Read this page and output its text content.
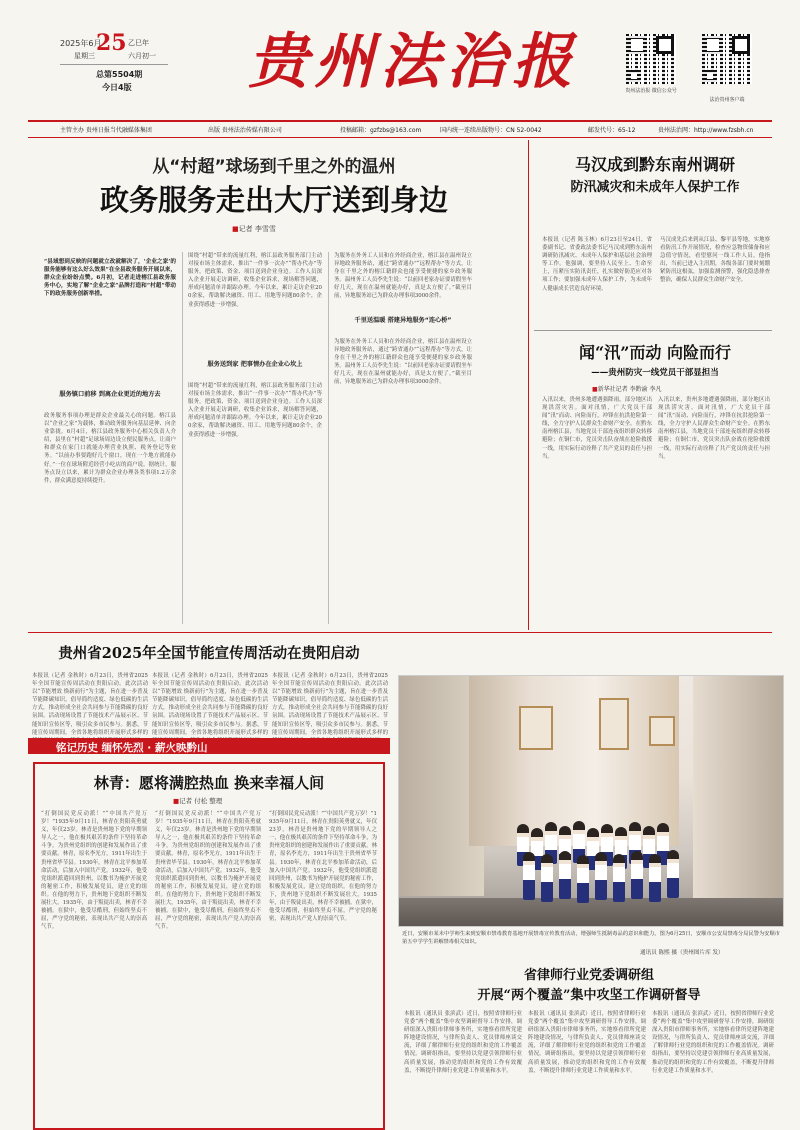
2025年6月
25
星期三
乙巳年
六月初一
总第5504期
今日4版 贵州法治报	贵州法治报 微信公众号
法治贵州客户端
主管主办 贵州日报当代融媒体集团	出版 贵州法治传媒有限公司	投稿邮箱：gzfzbs@163.com	国内统一连续出版物号：CN 52-0042	邮发代号：65-12	贵州法治网：http://www.fzsbh.cn
从“村超”球场到千里之外的温州
政务服务走出大厅送到身边
■记者 李雪雪
“县域想到反映的问题就立改就解决了，‘企业之家’的服务能够有这么好么效果”在全县政务服务开展以来，群众企业纷纷点赞。6月初，记者走进榕江县政务服务中心，实地了解“企业之家”品牌打造和“村超”带动下的政务服务创新举措。
服务镇口前移 到离企业更近的地方去
政务服务事项办理是群众企业最关心的问题。榕江县以“企业之家”为载体，推动政务服务向基层延伸、向企业靠拢。6月4日，榕江县政务服务中心相关负责人介绍，县里在“村超”足球场周边设立便民服务点，让商户和群众在家门口就能办理营业执照、税务登记等业务。“以前办事要跑好几个窗口，现在一个地方就能办好。”一位在球场附近经营小吃店的商户说。据统计，服务点设立以来，累计为群众企业办理各类事项1.2万余件，群众满意度持续提升。
围绕“村超”带来的流量红利，榕江县政务服务部门主动对接市场主体需求，推出“一件事一次办”“帮办代办”等服务，把政策、资金、项目送到企业身边。工作人员深入企业开展走访调研，收集企业诉求，现场解答问题，形成问题清单并跟踪办理。今年以来，累计走访企业200余家，帮助解决融资、用工、用地等问题80余个，企业获得感进一步增强。
服务送到家 把事情办在企业心坎上
围绕“村超”带来的流量红利，榕江县政务服务部门主动对接市场主体需求，推出“一件事一次办”“帮办代办”等服务，把政策、资金、项目送到企业身边。工作人员深入企业开展走访调研，收集企业诉求，现场解答问题，形成问题清单并跟踪办理。今年以来，累计走访企业200余家，帮助解决融资、用工、用地等问题80余个，企业获得感进一步增强。
为服务在外务工人员和在外经商企业，榕江县在温州设立异地政务服务站，通过“跨省通办”“远程帮办”等方式，让身在千里之外的榕江籍群众也能享受便捷的家乡政务服务。温州务工人员李先生说：“以前回老家办证要请假坐车好几天，现在在温州就能办好，真是太方便了。”截至目前，异地服务站已为群众办理事项3000余件。
千里送温暖 搭建异地服务“连心桥”
为服务在外务工人员和在外经商企业，榕江县在温州设立异地政务服务站，通过“跨省通办”“远程帮办”等方式，让身在千里之外的榕江籍群众也能享受便捷的家乡政务服务。温州务工人员李先生说：“以前回老家办证要请假坐车好几天，现在在温州就能办好，真是太方便了。”截至目前，异地服务站已为群众办理事项3000余件。
马汉成到黔东南州调研
防汛减灾和未成年人保护工作
本报讯（记者 陈玉林）6月23日至24日，省委副书记、省委政法委书记马汉成到黔东南州调研防汛减灾、未成年人保护和基层社会治理等工作。他强调，要坚持人民至上、生命至上，压紧压实防汛责任，扎实做好防范应对各项工作；要加强未成年人保护工作，为未成年人健康成长营造良好环境。
马汉成先后来到从江县、黎平县等地，实地察看防汛工作开展情况，检查应急物资储备和应急值守情况，看望慰问一线工作人员。他指出，当前已进入主汛期，各级各部门要时刻绷紧防汛这根弦，加强监测预警，强化隐患排查整治，确保人民群众生命财产安全。
闻“汛”而动 向险而行
——贵州防灾一线党员干部显担当
■新华社记者 李黔渝 李凡
入汛以来，贵州多地遭遇强降雨，部分地区出现洪涝灾害。面对汛情，广大党员干部闻“汛”而动、向险而行，冲锋在抗洪抢险第一线，全力守护人民群众生命财产安全。在黔东南州榕江县，当地党员干部连夜组织群众转移避险；在铜仁市，党员突击队奋战在抢险救援一线，用实际行动诠释了共产党员的责任与担当。
入汛以来，贵州多地遭遇强降雨，部分地区出现洪涝灾害。面对汛情，广大党员干部闻“汛”而动、向险而行，冲锋在抗洪抢险第一线，全力守护人民群众生命财产安全。在黔东南州榕江县，当地党员干部连夜组织群众转移避险；在铜仁市，党员突击队奋战在抢险救援一线，用实际行动诠释了共产党员的责任与担当。
贵州省2025年全国节能宣传周活动在贵阳启动
本报讯（记者 金秋时）6月23日，贵州省2025年全国节能宣传周活动在贵阳启动。此次活动以“节能增效 焕新前行”为主题，旨在进一步普及节能降碳知识，倡导简约适度、绿色低碳的生活方式，推动形成全社会共同参与节能降碳的良好氛围。活动现场设置了节能技术产品展示区、节能知识宣传区等，吸引众多市民参与。据悉，节能宣传周期间，全省各地将组织开展形式多样的
本报讯（记者 金秋时）6月23日，贵州省2025年全国节能宣传周活动在贵阳启动。此次活动以“节能增效 焕新前行”为主题，旨在进一步普及节能降碳知识，倡导简约适度、绿色低碳的生活方式，推动形成全社会共同参与节能降碳的良好氛围。活动现场设置了节能技术产品展示区、节能知识宣传区等，吸引众多市民参与。据悉，节能宣传周期间，全省各地将组织开展形式多样的
本报讯（记者 金秋时）6月23日，贵州省2025年全国节能宣传周活动在贵阳启动。此次活动以“节能增效 焕新前行”为主题，旨在进一步普及节能降碳知识，倡导简约适度、绿色低碳的生活方式，推动形成全社会共同参与节能降碳的良好氛围。活动现场设置了节能技术产品展示区、节能知识宣传区等，吸引众多市民参与。据悉，节能宣传周期间，全省各地将组织开展形式多样的
铭记历史 缅怀先烈 · 薪火映黔山
林青：愿将满腔热血 换来幸福人间
■记者 付松 整理
“打倒国民党反动派！”“中国共产党万岁！”1935年9月11日，林青在贵阳英勇就义，年仅23岁。林青是贵州地下党的早期领导人之一，他在极其艰苦的条件下坚持革命斗争，为贵州党组织的创建和发展作出了重要贡献。林青，原名李光方，1911年出生于贵州省毕节县。1930年，林青在北平参加革命活动，后加入中国共产党。1932年，他受党组织派遣回到贵州，以教书为掩护开展党的秘密工作，积极发展党员，建立党的组织。在他的努力下，贵州地下党组织不断发展壮大。1935年，由于叛徒出卖，林青不幸被捕。在狱中，他受尽酷刑，但始终坚贞不屈，严守党的秘密，表现出共产党人的崇高气节。
“打倒国民党反动派！”“中国共产党万岁！”1935年9月11日，林青在贵阳英勇就义，年仅23岁。林青是贵州地下党的早期领导人之一，他在极其艰苦的条件下坚持革命斗争，为贵州党组织的创建和发展作出了重要贡献。林青，原名李光方，1911年出生于贵州省毕节县。1930年，林青在北平参加革命活动，后加入中国共产党。1932年，他受党组织派遣回到贵州，以教书为掩护开展党的秘密工作，积极发展党员，建立党的组织。在他的努力下，贵州地下党组织不断发展壮大。1935年，由于叛徒出卖，林青不幸被捕。在狱中，他受尽酷刑，但始终坚贞不屈，严守党的秘密，表现出共产党人的崇高气节。
“打倒国民党反动派！”“中国共产党万岁！”1935年9月11日，林青在贵阳英勇就义，年仅23岁。林青是贵州地下党的早期领导人之一，他在极其艰苦的条件下坚持革命斗争，为贵州党组织的创建和发展作出了重要贡献。林青，原名李光方，1911年出生于贵州省毕节县。1930年，林青在北平参加革命活动，后加入中国共产党。1932年，他受党组织派遣回到贵州，以教书为掩护开展党的秘密工作，积极发展党员，建立党的组织。在他的努力下，贵州地下党组织不断发展壮大。1935年，由于叛徒出卖，林青不幸被捕。在狱中，他受尽酷刑，但始终坚贞不屈，严守党的秘密，表现出共产党人的崇高气节。
近日，安顺市某未中学师生来到安顺市禁毒教育基地开展禁毒宣传教育活动，增强师生抵制毒品的意识和能力。图为6月25日，安顺市公安局禁毒分局民警为安顺市第五中学学生讲解禁毒相关知识。
通讯员 陈熙 摄（贵州图片库 发）
省律师行业党委调研组
开展“两个覆盖”集中攻坚工作调研督导
本报讯（通讯员 张滨武）近日，按照省律师行业党委“两个覆盖”集中攻坚调研督导工作安排，调研组深入贵阳市律师事务所，实地察看律所党建阵地建设情况，与律所负责人、党员律师座谈交流，详细了解律师行业党的组织和党的工作覆盖情况。调研组指出，要坚持以党建引领律师行业高质量发展，推动党的组织和党的工作有效覆盖，不断提升律师行业党建工作质量和水平。
本报讯（通讯员 张滨武）近日，按照省律师行业党委“两个覆盖”集中攻坚调研督导工作安排，调研组深入贵阳市律师事务所，实地察看律所党建阵地建设情况，与律所负责人、党员律师座谈交流，详细了解律师行业党的组织和党的工作覆盖情况。调研组指出，要坚持以党建引领律师行业高质量发展，推动党的组织和党的工作有效覆盖，不断提升律师行业党建工作质量和水平。
本报讯（通讯员 张滨武）近日，按照省律师行业党委“两个覆盖”集中攻坚调研督导工作安排，调研组深入贵阳市律师事务所，实地察看律所党建阵地建设情况，与律所负责人、党员律师座谈交流，详细了解律师行业党的组织和党的工作覆盖情况。调研组指出，要坚持以党建引领律师行业高质量发展，推动党的组织和党的工作有效覆盖，不断提升律师行业党建工作质量和水平。
